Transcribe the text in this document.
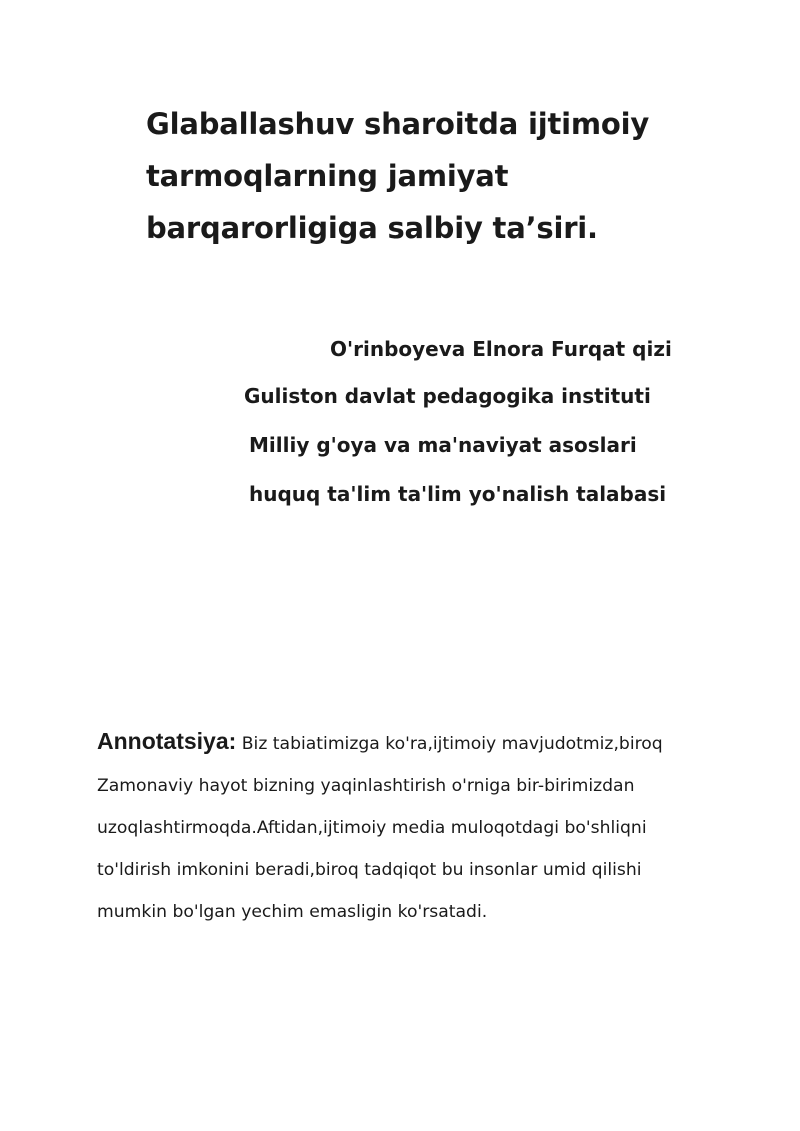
Glaballashuv sharoitda ijtimoiy
tarmoqlarning jamiyat
barqarorligiga salbiy ta’siri.
O'rinboyeva Elnora Furqat qizi
Guliston davlat pedagogika instituti
Milliy g'oya va ma'naviyat asoslari
huquq ta'lim ta'lim yo'nalish talabasi
Annotatsiya: Biz tabiatimizga ko'ra,ijtimoiy mavjudotmiz,biroq
Zamonaviy hayot bizning yaqinlashtirish o'rniga bir-birimizdan
uzoqlashtirmoqda.Aftidan,ijtimoiy media muloqotdagi bo'shliqni
to'ldirish imkonini beradi,biroq tadqiqot bu insonlar umid qilishi
mumkin bo'lgan yechim emasligin ko'rsatadi.
